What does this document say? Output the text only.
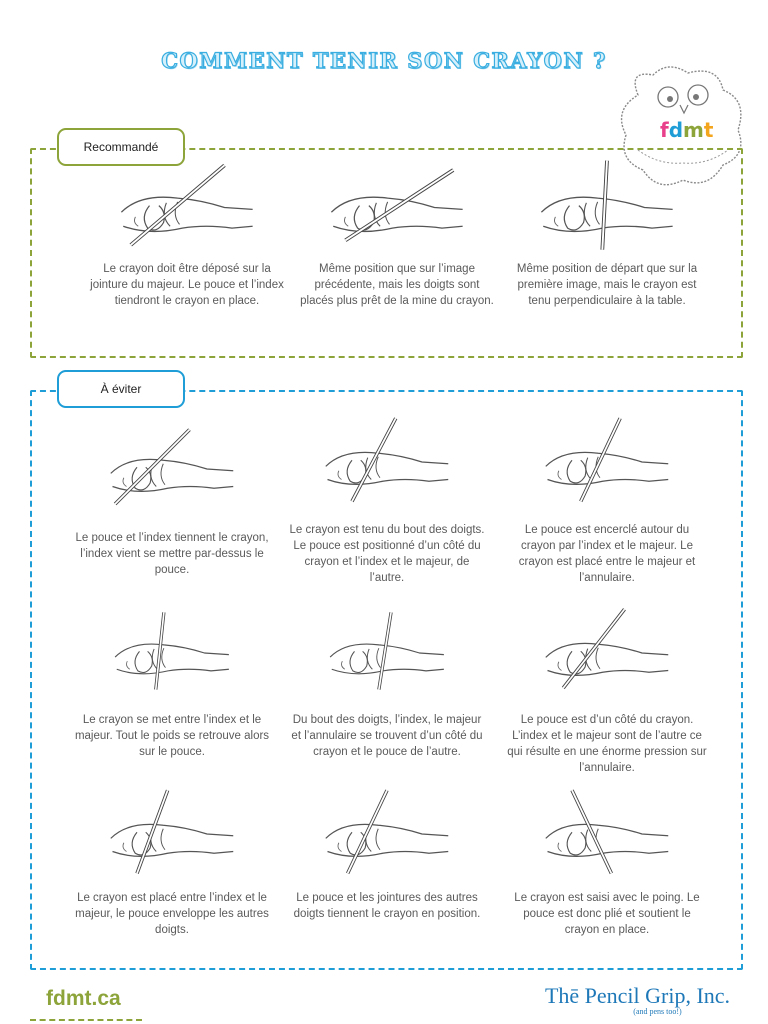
COMMENT TENIR SON CRAYON ?
fdmt
Recommandé
Le crayon doit être déposé sur la jointure du majeur. Le pouce et l’index tiendront le crayon en place.
Même position que sur l’image précédente, mais les doigts sont placés plus prêt de la mine du crayon.
Même position de départ que sur la première image, mais le crayon est tenu perpendiculaire à la table.
À éviter
Le pouce et l’index tiennent le crayon, l’index vient se mettre par-dessus le pouce.
Le crayon est tenu du bout des doigts. Le pouce est positionné d’un côté du crayon et l’index et le majeur, de l’autre.
Le pouce est encerclé autour du crayon par l’index et le majeur. Le crayon est placé entre le majeur et l’annulaire.
Le crayon se met entre l’index et le majeur. Tout le poids se retrouve alors sur le pouce.
Du bout des doigts, l’index, le majeur et l’annulaire se trouvent d’un côté du crayon et le pouce de l’autre.
Le pouce est d’un côté du crayon. L’index et le majeur sont de l’autre ce qui résulte en une énorme pression sur l’annulaire.
Le crayon est placé entre l’index et le majeur, le pouce enveloppe les autres doigts.
Le pouce et les jointures des autres doigts tiennent le crayon en position.
Le crayon est saisi avec le poing. Le pouce est donc plié et soutient le crayon en place.
fdmt.ca	Thē Pencil Grip, Inc.
(and pens too!)
